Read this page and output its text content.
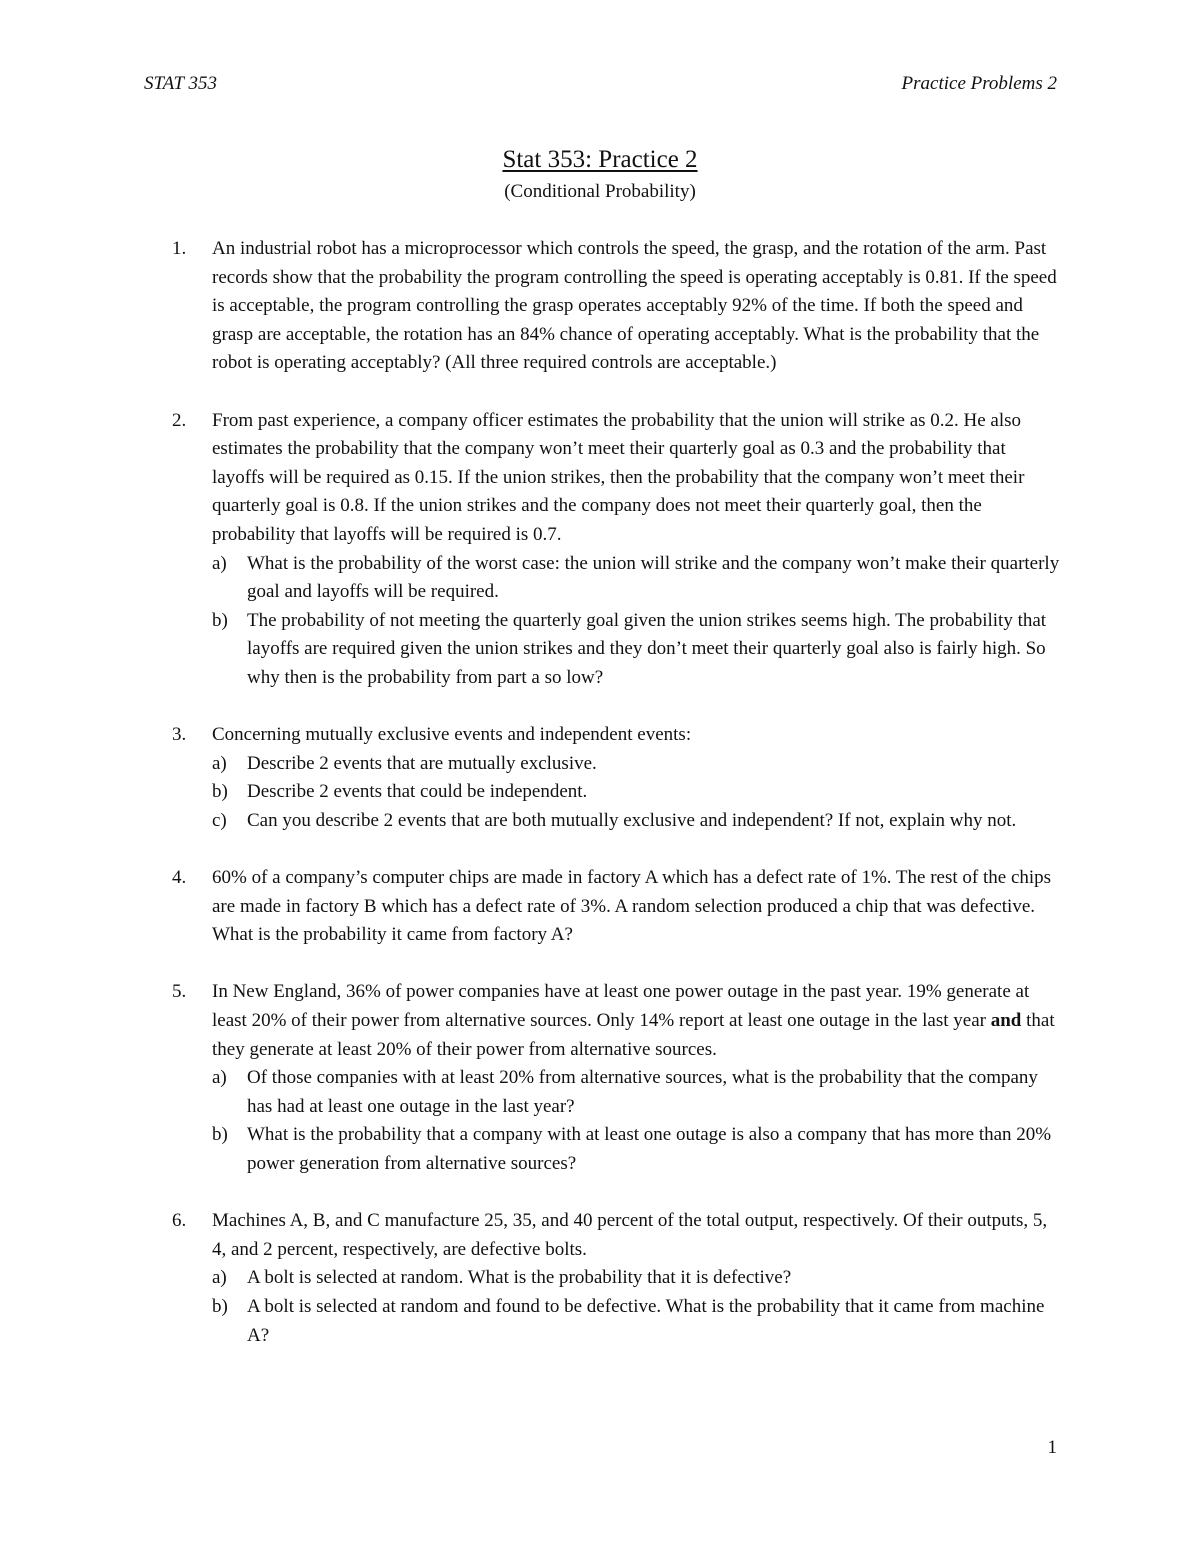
STAT 353	Practice Problems 2
Stat 353: Practice 2
(Conditional Probability)
1. An industrial robot has a microprocessor which controls the speed, the grasp, and the rotation of the arm. Past records show that the probability the program controlling the speed is operating acceptably is 0.81. If the speed is acceptable, the program controlling the grasp operates acceptably 92% of the time. If both the speed and grasp are acceptable, the rotation has an 84% chance of operating acceptably. What is the probability that the robot is operating acceptably? (All three required controls are acceptable.)
2. From past experience, a company officer estimates the probability that the union will strike as 0.2. He also estimates the probability that the company won’t meet their quarterly goal as 0.3 and the probability that layoffs will be required as 0.15. If the union strikes, then the probability that the company won’t meet their quarterly goal is 0.8. If the union strikes and the company does not meet their quarterly goal, then the probability that layoffs will be required is 0.7.
a) What is the probability of the worst case: the union will strike and the company won’t make their quarterly goal and layoffs will be required.
b) The probability of not meeting the quarterly goal given the union strikes seems high. The probability that layoffs are required given the union strikes and they don’t meet their quarterly goal also is fairly high. So why then is the probability from part a so low?
3. Concerning mutually exclusive events and independent events:
a) Describe 2 events that are mutually exclusive.
b) Describe 2 events that could be independent.
c) Can you describe 2 events that are both mutually exclusive and independent? If not, explain why not.
4. 60% of a company’s computer chips are made in factory A which has a defect rate of 1%. The rest of the chips are made in factory B which has a defect rate of 3%. A random selection produced a chip that was defective. What is the probability it came from factory A?
5. In New England, 36% of power companies have at least one power outage in the past year. 19% generate at least 20% of their power from alternative sources. Only 14% report at least one outage in the last year and that they generate at least 20% of their power from alternative sources.
a) Of those companies with at least 20% from alternative sources, what is the probability that the company has had at least one outage in the last year?
b) What is the probability that a company with at least one outage is also a company that has more than 20% power generation from alternative sources?
6. Machines A, B, and C manufacture 25, 35, and 40 percent of the total output, respectively. Of their outputs, 5, 4, and 2 percent, respectively, are defective bolts.
a) A bolt is selected at random. What is the probability that it is defective?
b) A bolt is selected at random and found to be defective. What is the probability that it came from machine A?
1
